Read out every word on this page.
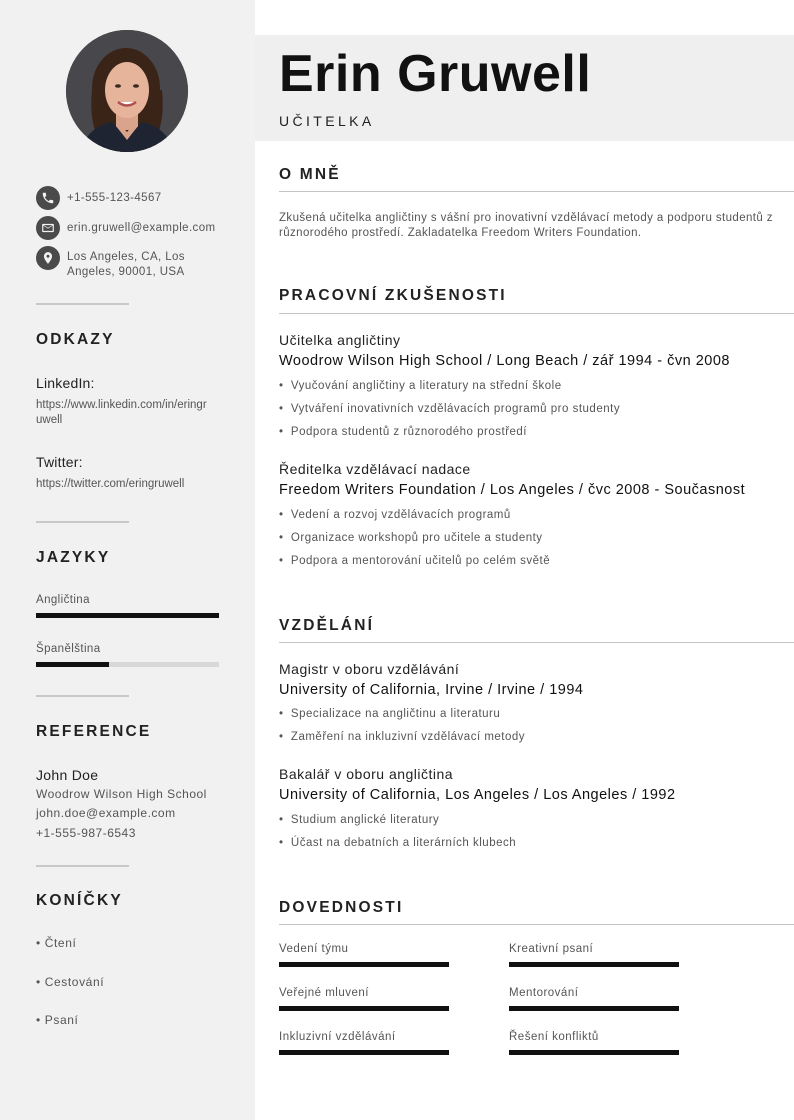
+1-555-123-4567
erin.gruwell@example.com
Los Angeles, CA, Los
Angeles, 90001, USA
ODKAZY
LinkedIn:
https://www.linkedin.com/in/eringr
uwell
Twitter:
https://twitter.com/eringruwell
JAZYKY
Angličtina
Španělština
REFERENCE
John Doe
Woodrow Wilson High School
john.doe@example.com
+1-555-987-6543
KONÍČKY
• Čtení
• Cestování
• Psaní
Erin Gruwell
UČITELKA
O MNĚ
Zkušená učitelka angličtiny s vášní pro inovativní vzdělávací metody a podporu studentů z různorodého prostředí. Zakladatelka Freedom Writers Foundation.
PRACOVNÍ ZKUŠENOSTI
Učitelka angličtiny
Woodrow Wilson High School / Long Beach / zář 1994 - čvn 2008
•  Vyučování angličtiny a literatury na střední škole
•  Vytváření inovativních vzdělávacích programů pro studenty
•  Podpora studentů z různorodého prostředí
Ředitelka vzdělávací nadace
Freedom Writers Foundation / Los Angeles / čvc 2008 - Současnost
•  Vedení a rozvoj vzdělávacích programů
•  Organizace workshopů pro učitele a studenty
•  Podpora a mentorování učitelů po celém světě
VZDĚLÁNÍ
Magistr v oboru vzdělávání
University of California, Irvine / Irvine / 1994
•  Specializace na angličtinu a literaturu
•  Zaměření na inkluzivní vzdělávací metody
Bakalář v oboru angličtina
University of California, Los Angeles / Los Angeles / 1992
•  Studium anglické literatury
•  Účast na debatních a literárních klubech
DOVEDNOSTI
Vedení týmu	Kreativní psaní
Veřejné mluvení	Mentorování
Inkluzivní vzdělávání	Řešení konfliktů
